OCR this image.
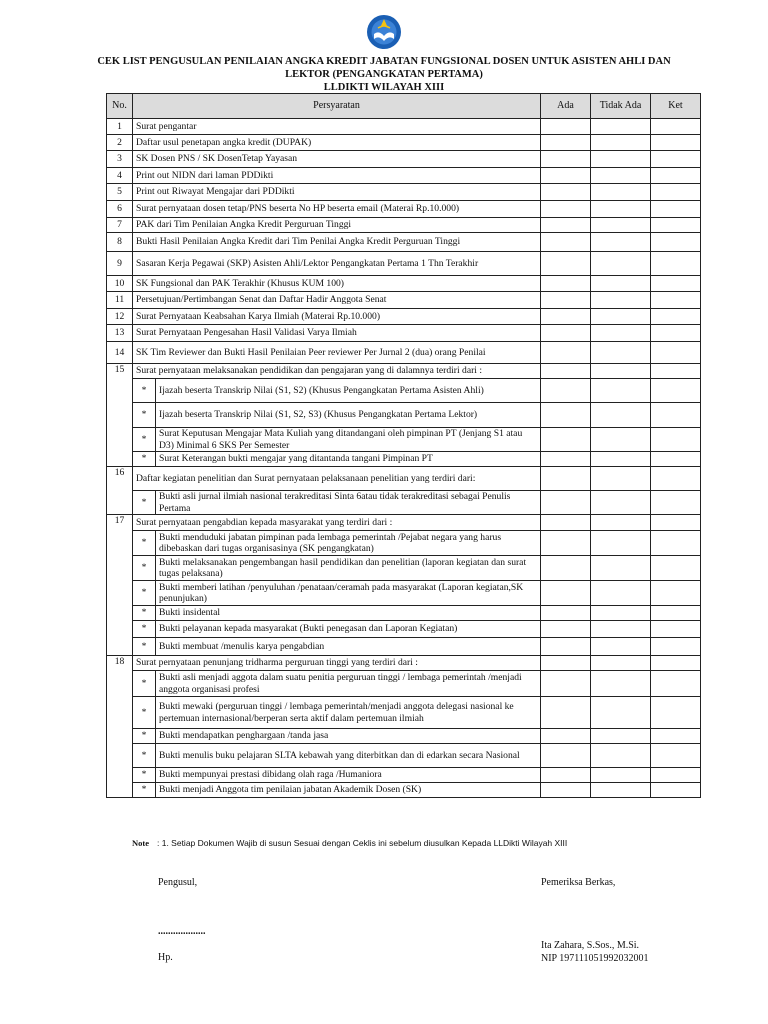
CEK LIST PENGUSULAN PENILAIAN ANGKA KREDIT JABATAN FUNGSIONAL DOSEN UNTUK ASISTEN AHLI DAN
LEKTOR (PENGANGKATAN PERTAMA)
LLDIKTI WILAYAH XIII
No.	Persyaratan		Ada	Tidak Ada	Ket
1	Surat pengantar				
2	Daftar usul penetapan angka kredit (DUPAK)				
3	SK Dosen PNS / SK DosenTetap Yayasan				
4	Print out NIDN dari laman PDDikti				
5	Print out Riwayat Mengajar dari PDDikti				
6	Surat pernyataan dosen tetap/PNS beserta No HP beserta email (Materai Rp.10.000)				
7	PAK dari Tim Penilaian Angka Kredit Perguruan Tinggi				
8	Bukti Hasil Penilaian Angka Kredit dari Tim Penilai Angka Kredit Perguruan Tinggi				
9	Sasaran Kerja Pegawai (SKP) Asisten Ahli/Lektor Pengangkatan Pertama 1 Thn Terakhir				
10	SK Fungsional dan PAK Terakhir (Khusus KUM 100)				
11	Persetujuan/Pertimbangan Senat dan Daftar Hadir Anggota Senat				
12	Surat Pernyataan Keabsahan Karya Ilmiah (Materai Rp.10.000)				
13	Surat Pernyataan Pengesahan Hasil Validasi Varya Ilmiah				
14	SK Tim Reviewer dan Bukti Hasil Penilaian Peer reviewer Per Jurnal 2 (dua) orang Penilai				
15	Surat pernyataan melaksanakan pendidikan dan pengajaran yang di dalamnya terdiri dari :				
	*	Ijazah beserta Transkrip Nilai (S1, S2) (Khusus Pengangkatan Pertama Asisten Ahli)			
	*	Ijazah beserta Transkrip Nilai (S1, S2, S3) (Khusus Pengangkatan Pertama Lektor)			
	*	Surat Keputusan Mengajar Mata Kuliah yang ditandangani oleh pimpinan PT (Jenjang S1 atau D3) Minimal 6 SKS Per Semester			
	*	Surat Keterangan bukti mengajar yang ditantanda tangani Pimpinan PT			
16	Daftar kegiatan penelitian dan Surat pernyataan pelaksanaan penelitian yang terdiri dari:				
	*	Bukti asli jurnal ilmiah nasional terakreditasi Sinta 6atau tidak terakreditasi sebagai Penulis Pertama			
17	Surat pernyataan pengabdian kepada masyarakat yang terdiri dari :				
	*	Bukti menduduki jabatan pimpinan pada lembaga pemerintah /Pejabat negara yang harus dibebaskan dari tugas organisasinya (SK pengangkatan)			
	*	Bukti melaksanakan pengembangan hasil pendidikan dan penelitian (laporan kegiatan dan surat tugas pelaksana)			
	*	Bukti memberi latihan /penyuluhan /penataan/ceramah pada masyarakat (Laporan kegiatan,SK penunjukan)			
	*	Bukti insidental			
	*	Bukti pelayanan kepada masyarakat (Bukti penegasan dan Laporan Kegiatan)			
	*	Bukti membuat /menulis karya pengabdian			
18	Surat pernyataan penunjang tridharma perguruan tinggi yang terdiri dari :				
	*	Bukti asli menjadi aggota dalam suatu penitia perguruan tinggi / lembaga pemerintah /menjadi anggota organisasi profesi			
	*	Bukti mewaki (perguruan tinggi / lembaga pemerintah/menjadi anggota delegasi nasional ke pertemuan internasional/berperan serta aktif dalam pertemuan ilmiah			
	*	Bukti mendapatkan penghargaan /tanda jasa			
	*	Bukti menulis buku pelajaran SLTA kebawah yang diterbitkan dan di edarkan secara Nasional			
	*	Bukti mempunyai prestasi dibidang olah raga /Humaniora			
	*	Bukti menjadi Anggota tim penilaian jabatan Akademik Dosen (SK)			
Note : 1. Setiap Dokumen Wajib di susun Sesuai dengan Ceklis ini sebelum diusulkan Kepada LLDikti Wilayah XIII
Pengusul,
...................
Hp.
Pemeriksa Berkas,
Ita Zahara, S.Sos., M.Si.
NIP 197111051992032001
